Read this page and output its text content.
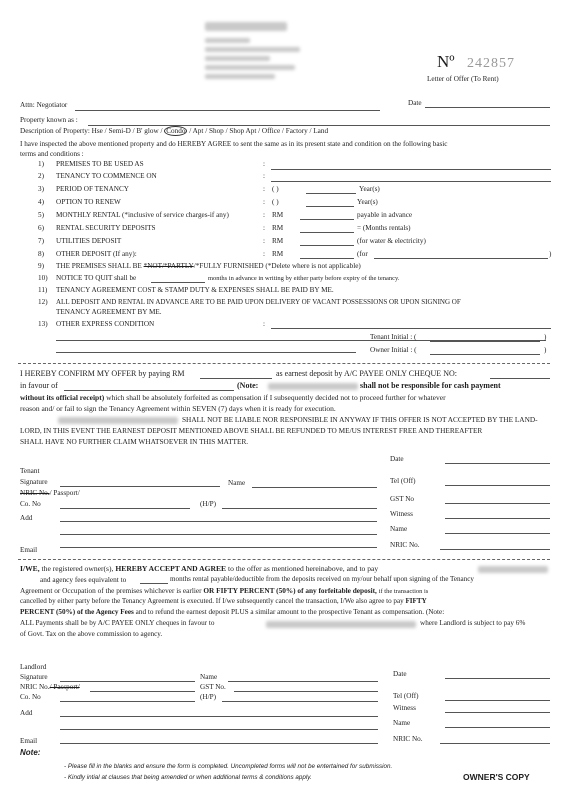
Nº 242857
Letter of Offer (To Rent)
Attn: Negotiator	Date
Property known as :
Description of Property: Hse / Semi-D / B' glow / Condo / Apt / Shop / Shop Apt / Office / Factory / Land
I have inspected the above mentioned property and do HEREBY AGREE to sent the same as in its present state and condition on the following basic
terms and conditions :
1) PREMISES TO BE USED AS	:
2) TENANCY TO COMMENCE ON	:
3) PERIOD OF TENANCY	: ( )	Year(s)
4) OPTION TO RENEW	: ( )	Year(s)
5) MONTHLY RENTAL (*inclusive of service charges-if any)	: RM	payable in advance
6) RENTAL SECURITY DEPOSITS	: RM	= (Months rentals)
7) UTILITIES DEPOSIT	: RM	(for water & electricity)
8) OTHER DEPOSIT (If any):	: RM	(for	)
9) THE PREMISES SHALL BE *NOT/*PARTLY/*FULLY FURNISHED (*Delete where is not applicable)
10) NOTICE TO QUIT shall be	months in advance in writing by either party before expiry of the tenancy.
11) TENANCY AGREEMENT COST & STAMP DUTY & EXPENSES SHALL BE PAID BY ME.
12) ALL DEPOSIT AND RENTAL IN ADVANCE ARE TO BE PAID UPON DELIVERY OF VACANT POSSESSIONS OR UPON SIGNING OF
TENANCY AGREEMENT BY ME.
13) OTHER EXPRESS CONDITION	:
Tenant Initial : (	)
Owner Initial : (	)
I HEREBY CONFIRM MY OFFER by paying RM	as earnest deposit by A/C PAYEE ONLY CHEQUE NO:
in favour of	(Note:	shall not be responsible for cash payment
without its official receipt) which shall be absolutely forfeited as compensation if I subsequently decided not to proceed further for whatever
reason and/ or fail to sign the Tenancy Agreement within SEVEN (7) days when it is ready for execution.
SHALL NOT BE LIABLE NOR RESPONSIBLE IN ANYWAY IF THIS OFFER IS NOT ACCEPTED BY THE LAND-
LORD, IN THIS EVENT THE EARNEST DEPOSIT MENTIONED ABOVE SHALL BE REFUNDED TO ME/US INTEREST FREE AND THEREAFTER
SHALL HAVE NO FURTHER CLAIM WHATSOEVER IN THIS MATTER.
Date
Tenant
Signature	Name	Tel (Off)
NRIC No./ Passport/
Co. No	(H/P)
GST No
Add	Witness
Name
Email
NRIC No.
I/WE, the registered owner(s), HEREBY ACCEPT AND AGREE to the offer as mentioned hereinabove, and to pay
and agency fees equivalent to	months rental payable/deductible from the deposits received on my/our behalf upon signing of the Tenancy
Agreement or Occupation of the premises whichever is earlier OR FIFTY PERCENT (50%) of any forfeitable deposit, if the transaction is
cancelled by either party before the Tenancy Agreement is executed. If I/we subsequently cancel the transaction, I/We also agree to pay FIFTY
PERCENT (50%) of the Agency Fees and to refund the earnest deposit PLUS a similar amount to the prospective Tenant as compensation. (Note:
ALL Payments shall be by A/C PAYEE ONLY cheques in favour to	where Landlord is subject to pay 6%
of Govt. Tax on the above commission to agency.
Landlord
Signature	Name	Date
NRIC No./ Passport/	GST No.
Co. No	(H/P)	Tel (Off)
Witness
Add
Name
Email	NRIC No.
Note:
- Please fill in the blanks and ensure the form is completed. Uncompleted forms will not be entertained for submission.
- Kindly intial at clauses that being amended or when additional terms & conditions apply.	OWNER'S COPY
